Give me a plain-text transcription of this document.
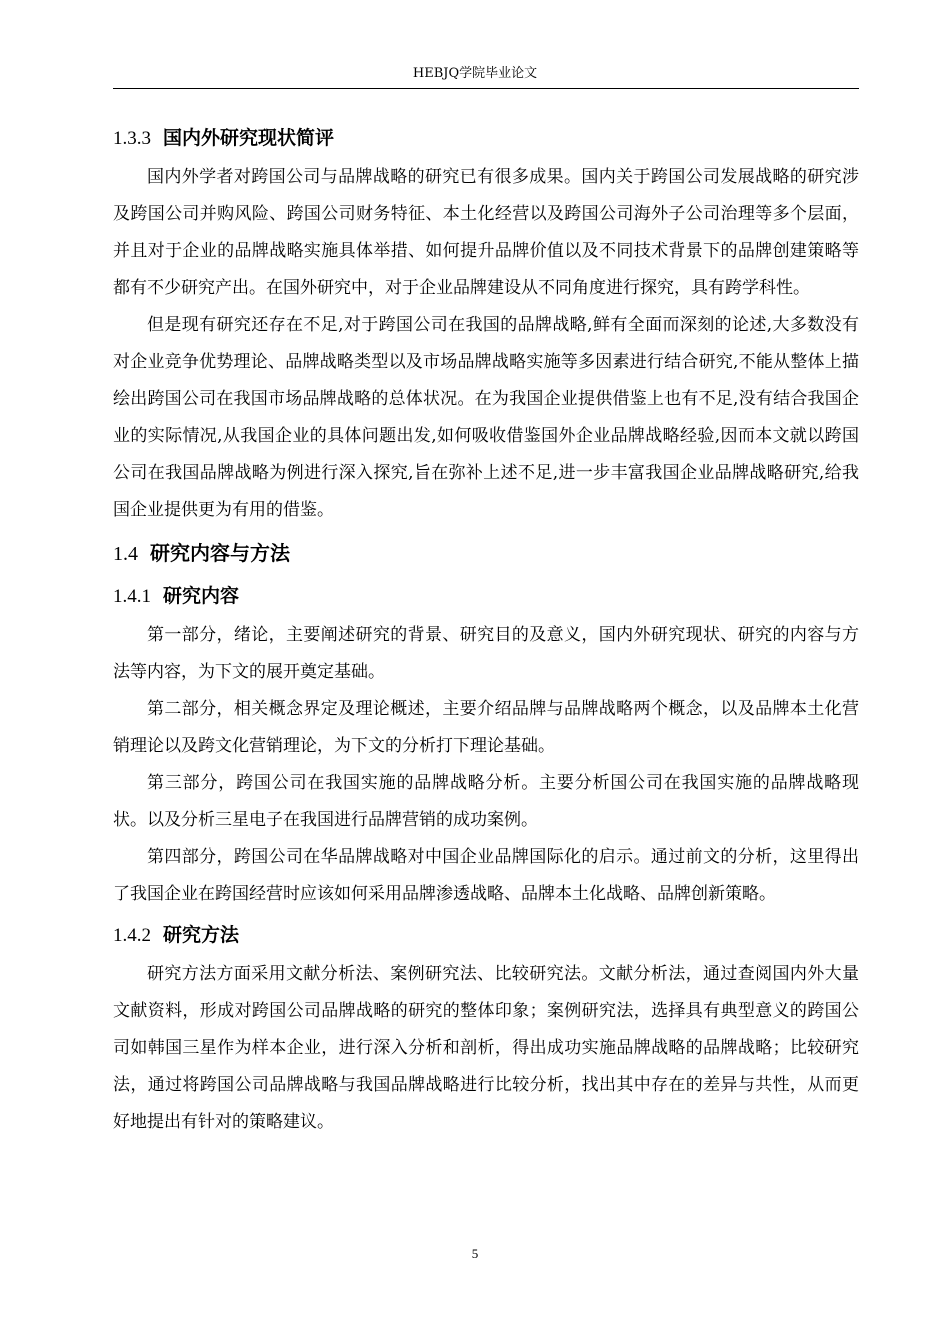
HEBJQ学院毕业论文
1.3.3 国内外研究现状简评

国内外学者对跨国公司与品牌战略的研究已有很多成果。国内关于跨国公司发展战略的研究涉及跨国公司并购风险、跨国公司财务特征、本土化经营以及跨国公司海外子公司治理等多个层面，并且对于企业的品牌战略实施具体举措、如何提升品牌价值以及不同技术背景下的品牌创建策略等都有不少研究产出。在国外研究中，对于企业品牌建设从不同角度进行探究，具有跨学科性。

但是现有研究还存在不足,对于跨国公司在我国的品牌战略,鲜有全面而深刻的论述,大多数没有对企业竞争优势理论、品牌战略类型以及市场品牌战略实施等多因素进行结合研究,不能从整体上描绘出跨国公司在我国市场品牌战略的总体状况。在为我国企业提供借鉴上也有不足,没有结合我国企业的实际情况,从我国企业的具体问题出发,如何吸收借鉴国外企业品牌战略经验,因而本文就以跨国公司在我国品牌战略为例进行深入探究,旨在弥补上述不足,进一步丰富我国企业品牌战略研究,给我国企业提供更为有用的借鉴。

1.4 研究内容与方法
1.4.1 研究内容

第一部分，绪论，主要阐述研究的背景、研究目的及意义，国内外研究现状、研究的内容与方法等内容，为下文的展开奠定基础。

第二部分，相关概念界定及理论概述，主要介绍品牌与品牌战略两个概念，以及品牌本土化营销理论以及跨文化营销理论，为下文的分析打下理论基础。

第三部分，跨国公司在我国实施的品牌战略分析。主要分析国公司在我国实施的品牌战略现状。以及分析三星电子在我国进行品牌营销的成功案例。

第四部分，跨国公司在华品牌战略对中国企业品牌国际化的启示。通过前文的分析，这里得出了我国企业在跨国经营时应该如何采用品牌渗透战略、品牌本土化战略、品牌创新策略。

1.4.2 研究方法

研究方法方面采用文献分析法、案例研究法、比较研究法。文献分析法，通过查阅国内外大量文献资料，形成对跨国公司品牌战略的研究的整体印象；案例研究法，选择具有典型意义的跨国公司如韩国三星作为样本企业，进行深入分析和剖析，得出成功实施品牌战略的品牌战略；比较研究法，通过将跨国公司品牌战略与我国品牌战略进行比较分析，找出其中存在的差异与共性，从而更好地提出有针对的策略建议。

5
